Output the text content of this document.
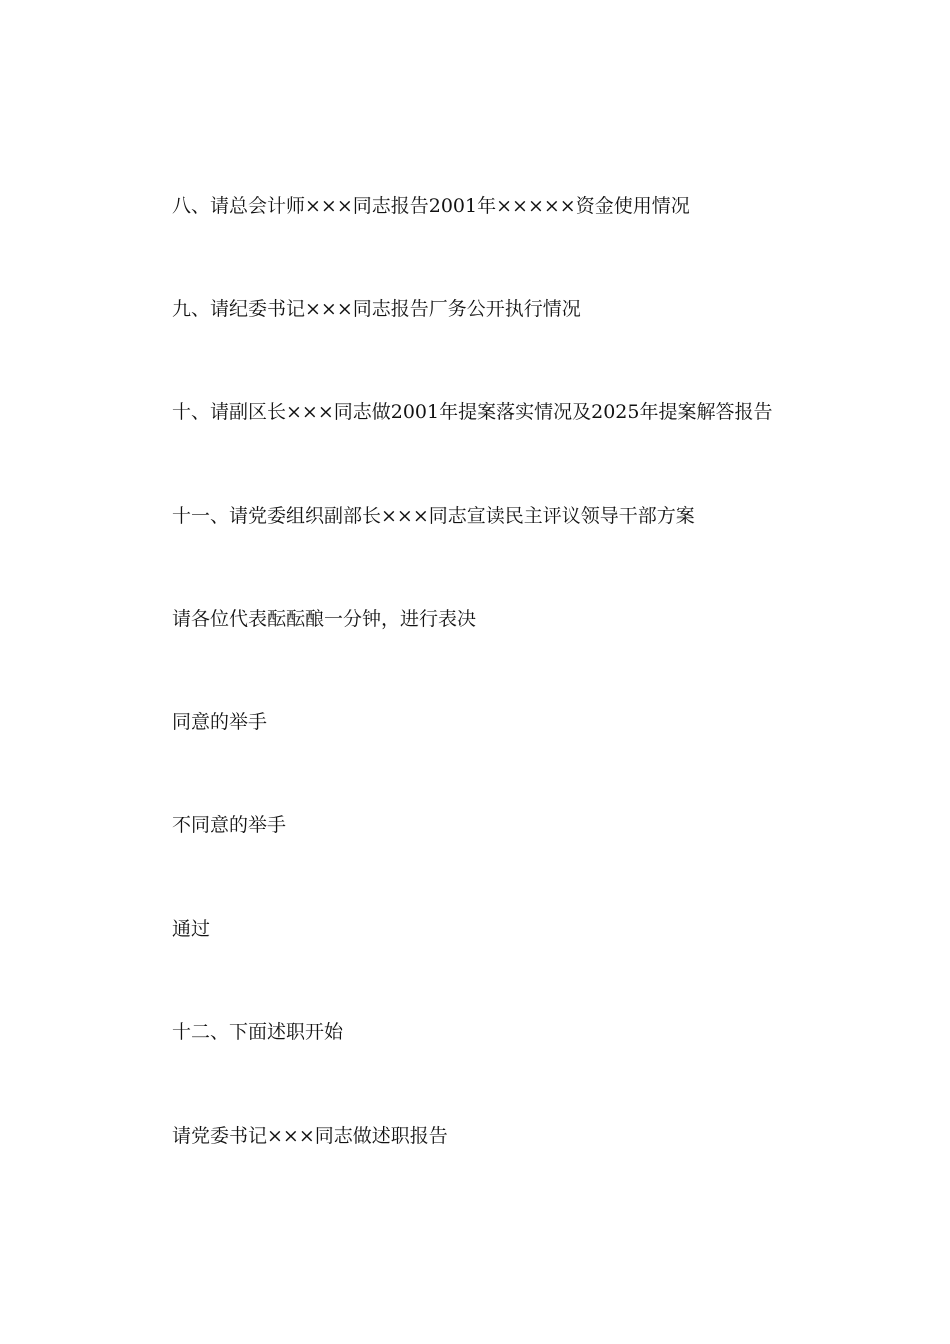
八、请总会计师×××同志报告2001年×××××资金使用情况

九、请纪委书记×××同志报告厂务公开执行情况

十、请副区长×××同志做2001年提案落实情况及2025年提案解答报告

十一、请党委组织副部长×××同志宣读民主评议领导干部方案

请各位代表酝酝酿一分钟，进行表决

同意的举手

不同意的举手

通过

十二、下面述职开始

请党委书记×××同志做述职报告
